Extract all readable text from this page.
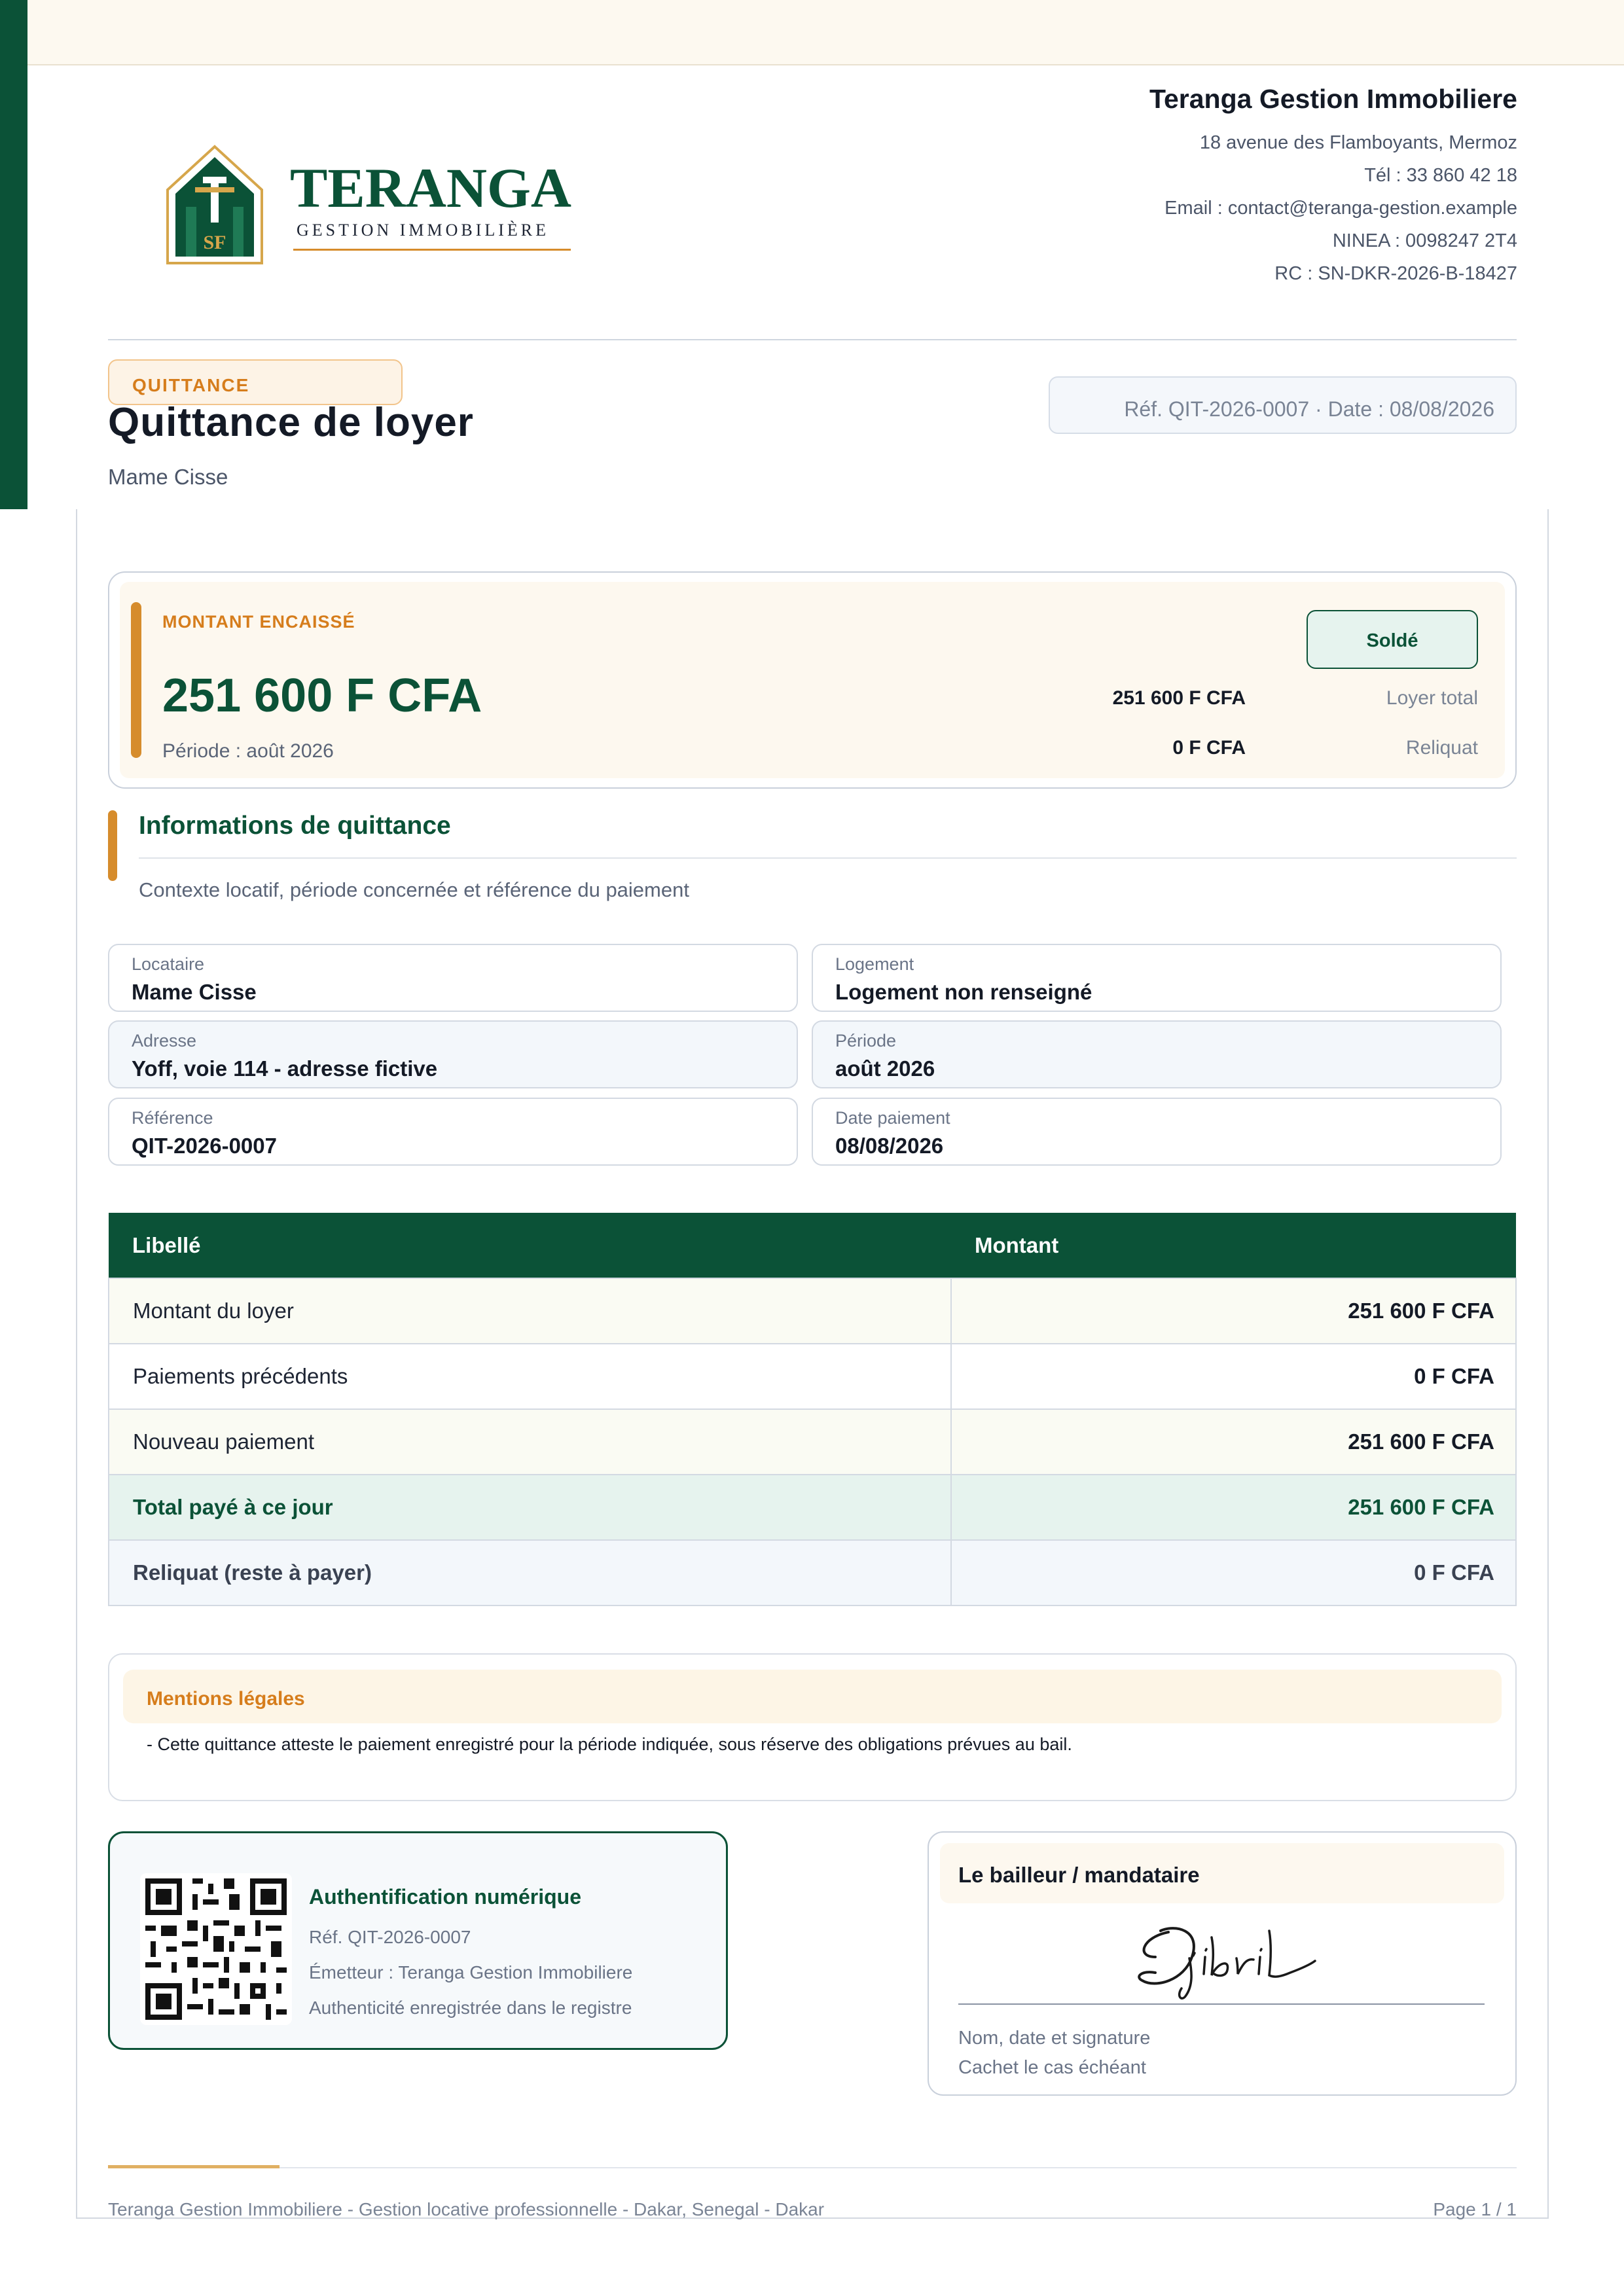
SF
TERANGA
GESTION IMMOBILIÈRE
Teranga Gestion Immobiliere
18 avenue des Flamboyants, Mermoz
Tél : 33 860 42 18
Email : contact@teranga-gestion.example
NINEA : 0098247 2T4
RC : SN-DKR-2026-B-18427
QUITTANCE
Quittance de loyer
Mame Cisse
Réf. QIT-2026-0007 · Date : 08/08/2026
MONTANT ENCAISSÉ
251 600 F CFA
Période : août 2026
Soldé
251 600 F CFA	Loyer total
0 F CFA	Reliquat
Informations de quittance
Contexte locatif, période concernée et référence du paiement
Locataire
Mame Cisse
Logement
Logement non renseigné
Adresse
Yoff, voie 114 - adresse fictive
Période
août 2026
Référence
QIT-2026-0007
Date paiement
08/08/2026
Libellé	Montant
Montant du loyer	251 600 F CFA
Paiements précédents	0 F CFA
Nouveau paiement	251 600 F CFA
Total payé à ce jour	251 600 F CFA
Reliquat (reste à payer)	0 F CFA
Mentions légales
- Cette quittance atteste le paiement enregistré pour la période indiquée, sous réserve des obligations prévues au bail.
Authentification numérique
Réf. QIT-2026-0007
Émetteur : Teranga Gestion Immobiliere
Authenticité enregistrée dans le registre
Le bailleur / mandataire
Nom, date et signature
Cachet le cas échéant
Teranga Gestion Immobiliere - Gestion locative professionnelle - Dakar, Senegal - Dakar	Page 1 / 1
